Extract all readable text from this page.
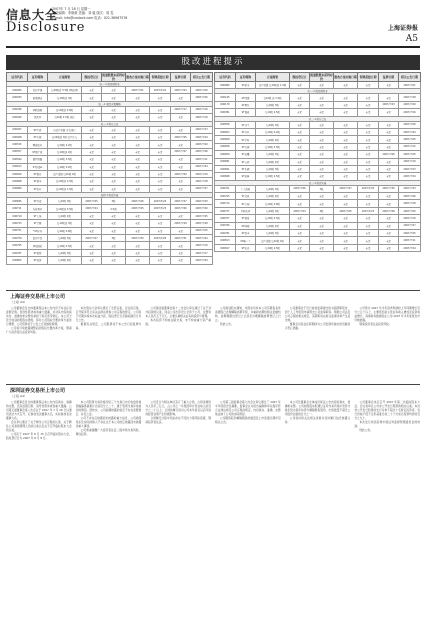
信息大全
2007年 7 月 28 日 星期一
责任编辑：李晓莉 美编：刘 毅 版式：周 雯
E-mail: info@cnstock.com 电话：021-38967576
Disclosure	上海证券报
A5
股改进程提示
证券代码	证券简称	方案简要	股权登记日	流通股股东获得对价	股改方案实施日期	停牌起始日期	复牌日期	相关公告日期
第一-1 股改说明书								
000005	世纪星源	每10股送 3.5股 2股转增	未定	未定	2007/7/21	2007/7/22	2007/7/23	2007/7/20
000033	新都酒店	每10股送 3股	未定	未定	未定	未定	未定	2007/7/20
第二-1 股改方案调整								
000036	华联控股	每10股送 2.8股	未定	未定	未定	未定	2007/7/17	2007/7/16
000040	深鸿基	每10股 2.5股 送转	未定	未定	未定	未定	未定	2007/7/19
第三-1 股东会议								
000047	ST中侨	以资产重组 方式进行	未定	未定	未定	未定	未定	2007/7/13
000408	ST玉源	每10股送 3股 资产注入	未定	未定	未定	未定	2007/7/25	2007/7/24
000515	攀渝钛业	每10股 2.2股	未定	未定	未定	未定	未定	2007/7/20
000557	ST银广夏	每10股送 2股	未定	未定	未定	未定	2007/7/27	2007/7/26
000594	国恒铁路	每10股 3.5股	未定	未定	未定	未定	未定	2007/7/11
000613	ST东海A	每10股 3.2股	未定	未定	未定	未定	未定	2007/7/24
000620	ST盈方	资产重组 每10股 2股	未定	未定	未定	未定	2007/7/20	2007/7/19
000668	ST荣丰	每10股送 2.5股	未定	未定	未定	未定	未定	2007/7/18
000689	ST宏业	每10股送 1.5股	未定	未定	未定	未定	未定	2007/7/27
第四-1 股改实施								
000695	ST灯塔	每10股 3股	2007/7/25	3股	2007/7/26	2007/7/24	2007/7/27	2007/7/23
000711	天伦置业	每10股送 2.5股	2007/7/24	2.5股	2007/7/25	2007/7/23	2007/7/26	2007/7/20
000719	ST大地	每10股 2股	未定	未定	未定	未定	未定	2007/7/25
000723	ST美雅	每10股送 3股	未定	未定	未定	未定	2007/7/19	2007/7/18
000751	*ST锌业	每10股 2.8股	未定	未定	未定	未定	未定	2007/7/25
000759	武汉中百	每10股 3股	2007/7/27	3股	2007/7/30	2007/7/26	2007/7/31	2007/7/24
000765	华信国际	每10股 2.5股	未定	未定	未定	未定	未定	2007/7/10
000787	ST创智	每10股 3股	未定	未定	未定	未定	未定	2007/7/17
000805	ST炎黄	每10股 2股	未定	未定	未定	未定	未定	2007/7/24
证券代码	证券简称	方案简要	股权登记日	流通股股东获得对价	股改方案实施日期	停牌起始日期	复牌日期	相关公告日期
600084	ST新天	资产重组 每10股送 1.5股	未定	未定	未定	未定	未定	2007/7/21
第一-1 股改说明书								
600145	ST四维	每10股 送 3.2股	未定	未定	未定	未定	未定	2007/7/18
600179	ST黑化	每10股 3股	未定	未定	未定	未定	2007/7/23	2007/7/20
600381	ST贤成	每10股 2.5股	未定	未定	未定	未定	未定	2007/7/16
第二-1 股东会议								
600556	ST北生	每10股 3股	未定	未定	未定	未定	未定	2007/7/20
600603	ST兴业	每10股 2.2股	未定	未定	未定	未定	未定	2007/7/24
600608	ST沪科	每10股 2股	未定	未定	未定	未定	未定	2007/7/25
600656	ST方源	每10股 2.5股	未定	未定	未定	未定	未定	2007/7/12
600659	ST花雕	每10股 3股	未定	未定	未定	未定	2007/7/26	2007/7/25
600681	ST万鸿	每10股 2股	未定	未定	未定	未定	未定	2007/7/19
600691	ST东碳	每10股 3股	未定	未定	未定	未定	未定	2007/7/23
600698	ST轻骑	每10股 2.5股	未定	未定	未定	未定	未定	2007/7/24
第三-1 股改实施								
600701	工大高新	每10股 3股	2007/7/26	3股	2007/7/27	2007/7/25	2007/7/30	2007/7/23
600705	ST北亚	每10股 2股	未定	未定	未定	未定	未定	2007/7/26
600714	ST金瑞	每10股 2.8股	未定	未定	未定	未定	未定	2007/7/18
600737	中粮屯河	每10股 3股	2007/7/24	3股	2007/7/25	2007/7/23	2007/7/26	2007/7/20
600757	ST源发	每10股 2.5股	未定	未定	未定	未定	未定	2007/7/19
600766	ST园城	每10股 2股	未定	未定	未定	未定	未定	2007/7/27
600781	ST民丰	每10股 3股	未定	未定	未定	未定	未定	2007/7/25
600813	ST鞍一工	资产重组 每10股 2股	未定	未定	未定	未定	未定	2007/7/11
600817	ST宏盛	每10股 2.5股	未定	未定	未定	未定	未定	2007/7/24
上海证券交易所上市公司
（上接 A4）

公司董事会及全体董事保证本公告内容不存在任何虚假记载、误导性陈述或者重大遗漏，并对其内容的真实性、准确性和完整性承担个别及连带责任。本公司于近日收到控股股东通知，拟对公司股权分置改革方案进行调整，公司股票将于公告之日起继续停牌。

公司将尽快披露调整后的股权分置改革方案，敬请广大投资者注意投资风险。

本次股东大会审议通过了全部议案，会议的召集、召开程序符合有关法律法规和公司章程的规定。公司将于近期实施本次权益分派，股权登记日及除权除息日另行公告。

根据有关规定，公司股票将于本公告日起复牌交易。

公司第四届董事会第十二次会议审议通过了关于对外投资的议案，同意公司出资设立全资子公司，注册资本人民币五千万元，主要从事相关业务的投资与管理。

本次投资不构成关联交易，亦不构成重大资产重组。

公司接到股东通知，该股东所持本公司有限售条件流通股已办理解除质押手续，并重新质押给相关金融机构，质押期限自登记之日起至办理解除质押登记之日止。

特此公告。

公司董事会于近日收到监事提交的书面辞职报告，因个人工作原因申请辞去公司监事职务。根据公司法及公司章程的相关规定，其辞职将在新任监事选举产生后生效。

董事会对其在任职期间为公司发展所做出的贡献表示衷心感谢。

公司预计 2007 年半年度净利润较上年同期增长百分之五十以上，主要原因是主营业务收入增加及投资收益增长。具体财务数据将在公司 2007 年半年度报告中详细披露。

敬请投资者注意投资风险。

深圳证券交易所上市公司
（上接 A4）

公司董事会及全体董事保证本公告内容真实、准确和完整，没有虚假记载、误导性陈述或者重大遗漏。公司第五届董事会第八次会议于 2007 年 7 月 26 日以通讯表决方式召开，应参加表决董事九名，实际参加表决董事九名。

会议审议通过了关于修改公司章程的议案、关于聘任公司高级管理人员的议案以及关于召开临时股东大会的议案。

公司定于 2007 年 8 月 15 日召开临时股东大会，股权登记日为 2007 年 8 月 8 日。

本公司股票交易价格连续三个交易日内日收盘价格涨幅偏离值累计达到百分之二十，属于股票交易异常波动的情况。经核实，公司前期披露的信息不存在需要更正、补充之处。

公司不存在应披露而未披露的重大信息，公司控股股东及实际控制人不存在关于本公司的应披露而未披露的重大事项。

公司郑重提醒广大投资者注意二级市场交易风险，理性投资。

公司近日与相关单位签订了重大合同，合同金额约为人民币三亿元，占公司上一年度经审计营业收入的百分之二十以上。合同的履行将对公司本年度及以后年度的经营业绩产生积极影响。

合同履行过程中可能存在不可抗力等风险因素，敬请投资者注意。

公司第三届监事会第六次会议审议通过了 2007 年半年度报告及摘要，监事会认为报告编制和审议程序符合法律法规及公司章程的规定，内容真实、准确、完整地反映了公司的实际情况。

公司限售股份解除限售的数量及上市流通日期详见相关公告。

本公司及董事会全体成员保证公告内容的真实、准确和完整。公司控股股东拟通过证券交易所集中竞价交易系统出售所持部分解除限售股份，出售数量不超过公司股份总数的百分之一。

公司将持续关注相关进展并及时履行信息披露义务。

公司董事会决定召开 2007 年第二次临时股东大会，会议将审议公司非公开发行股票的相关议案。本次非公开发行股票的发行对象不超过十名特定投资者，发行价格不低于定价基准日前二十个交易日股票均价的百分之九十。

本次发行尚需获得中国证券监督管理委员会的核准。

特此公告。
